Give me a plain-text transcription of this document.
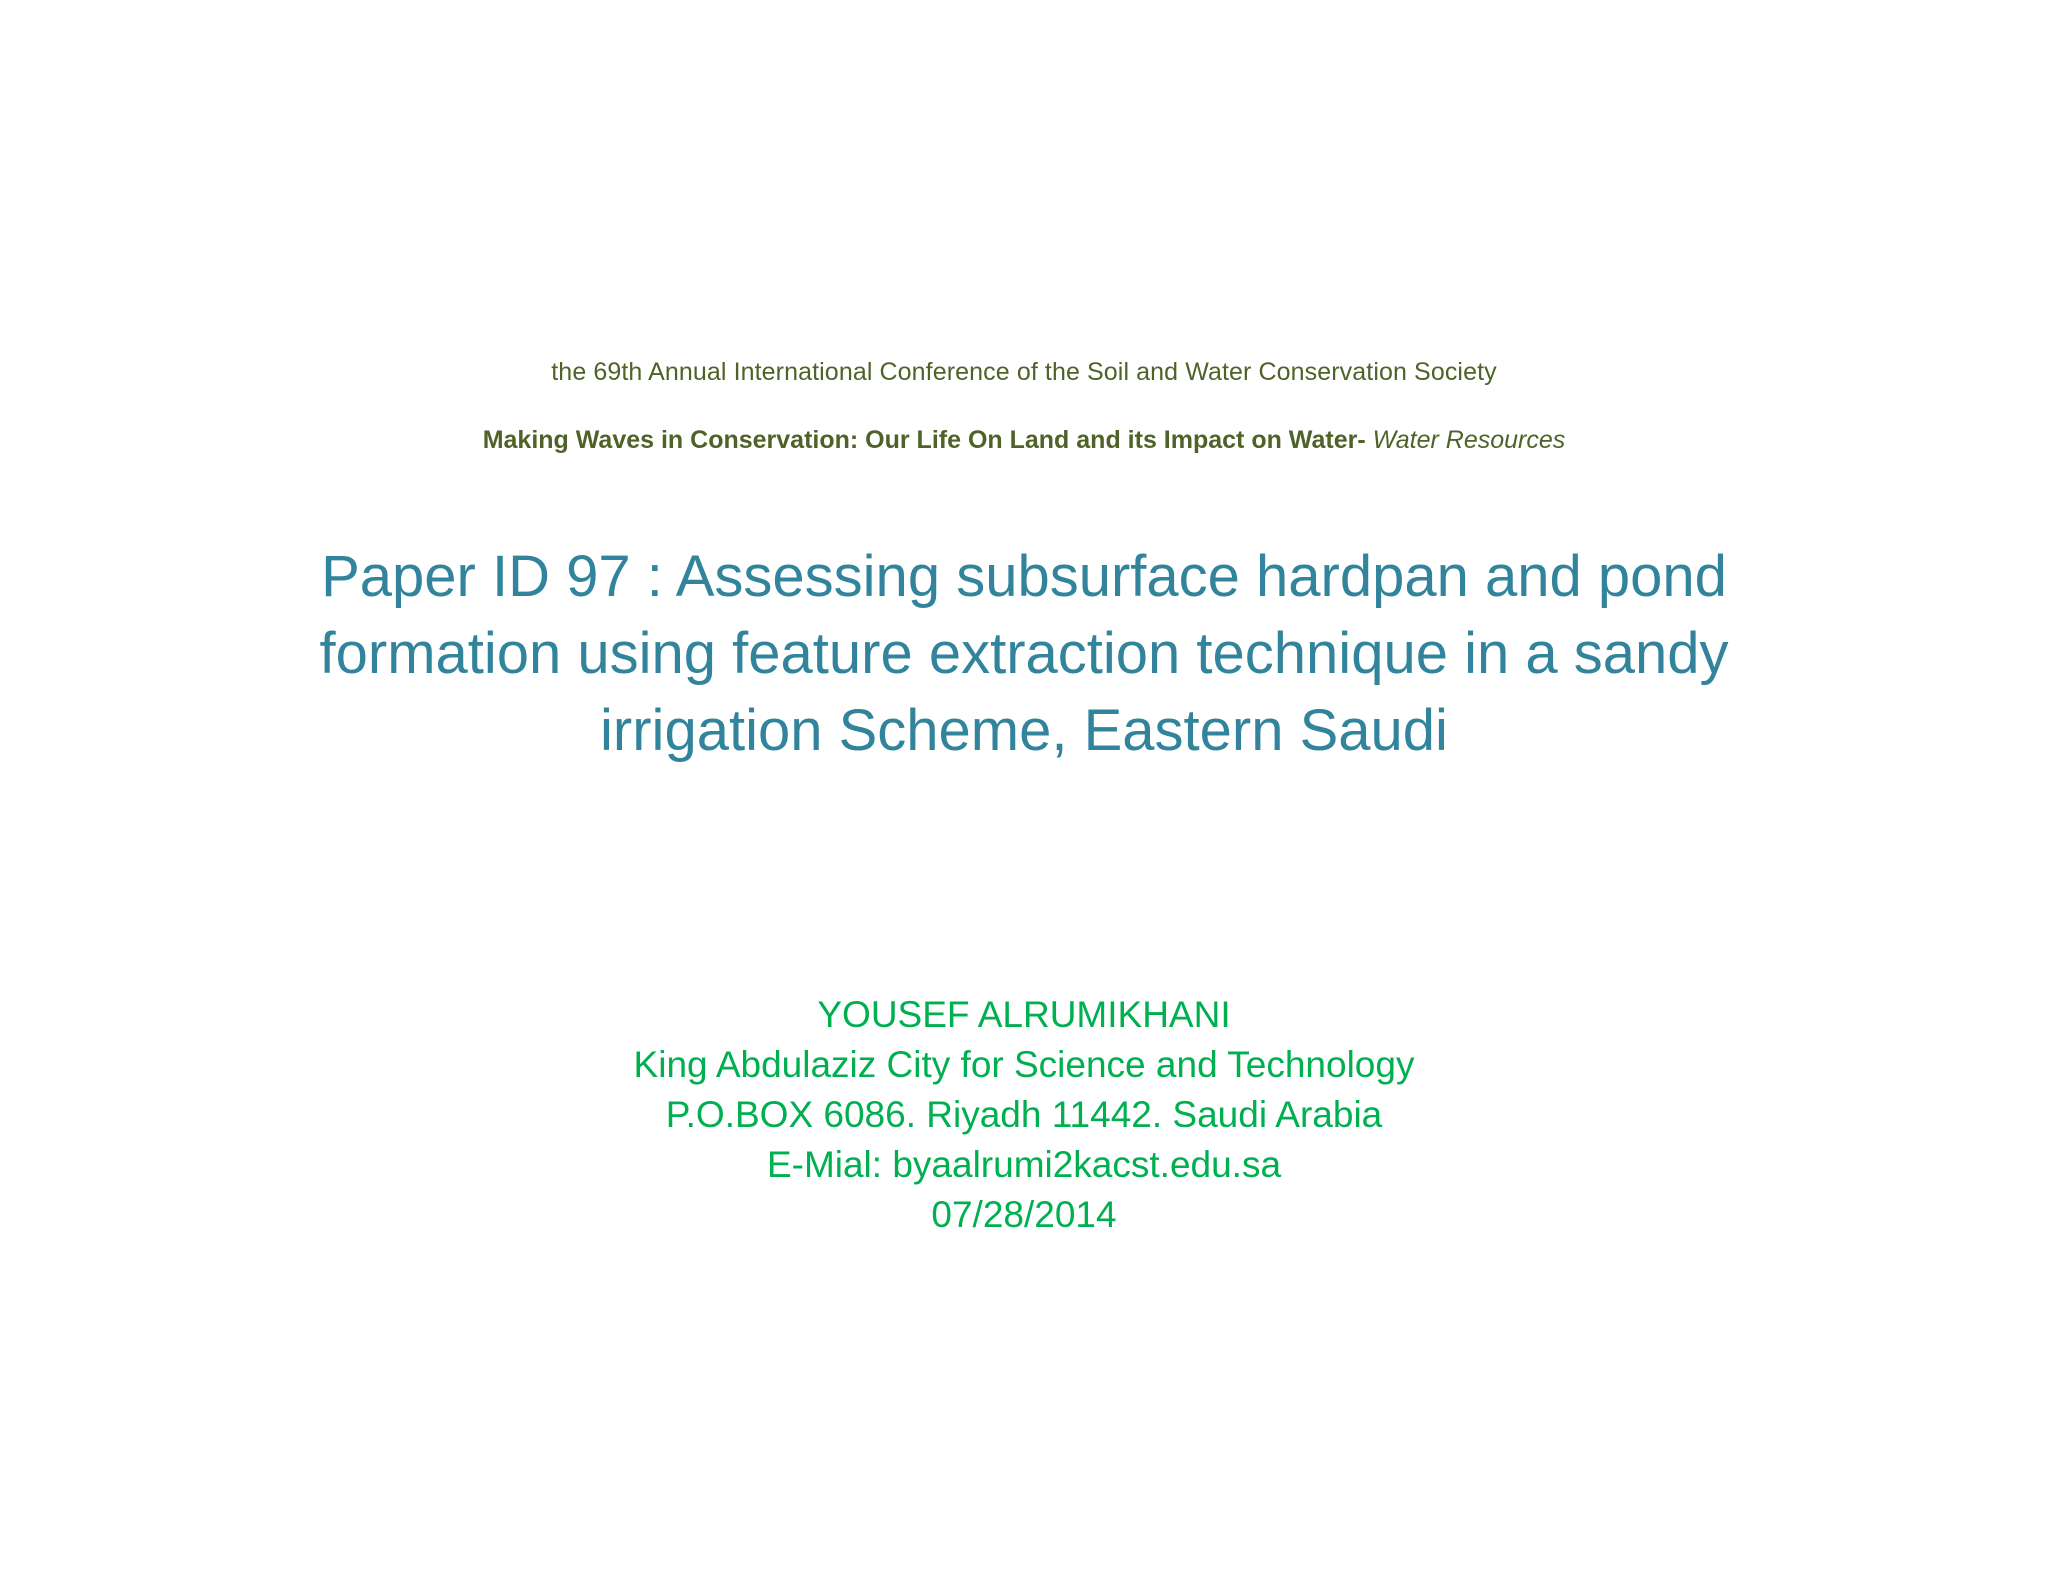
the 69th Annual International Conference of the Soil and Water Conservation Society
Making Waves in Conservation: Our Life On Land and its Impact on Water- Water Resources
Paper ID 97 : Assessing subsurface hardpan and pond
formation using feature extraction technique in a sandy
irrigation Scheme, Eastern Saudi
YOUSEF ALRUMIKHANI
King Abdulaziz City for Science and Technology
P.O.BOX 6086. Riyadh 11442. Saudi Arabia
E-Mial: byaalrumi2kacst.edu.sa
07/28/2014
